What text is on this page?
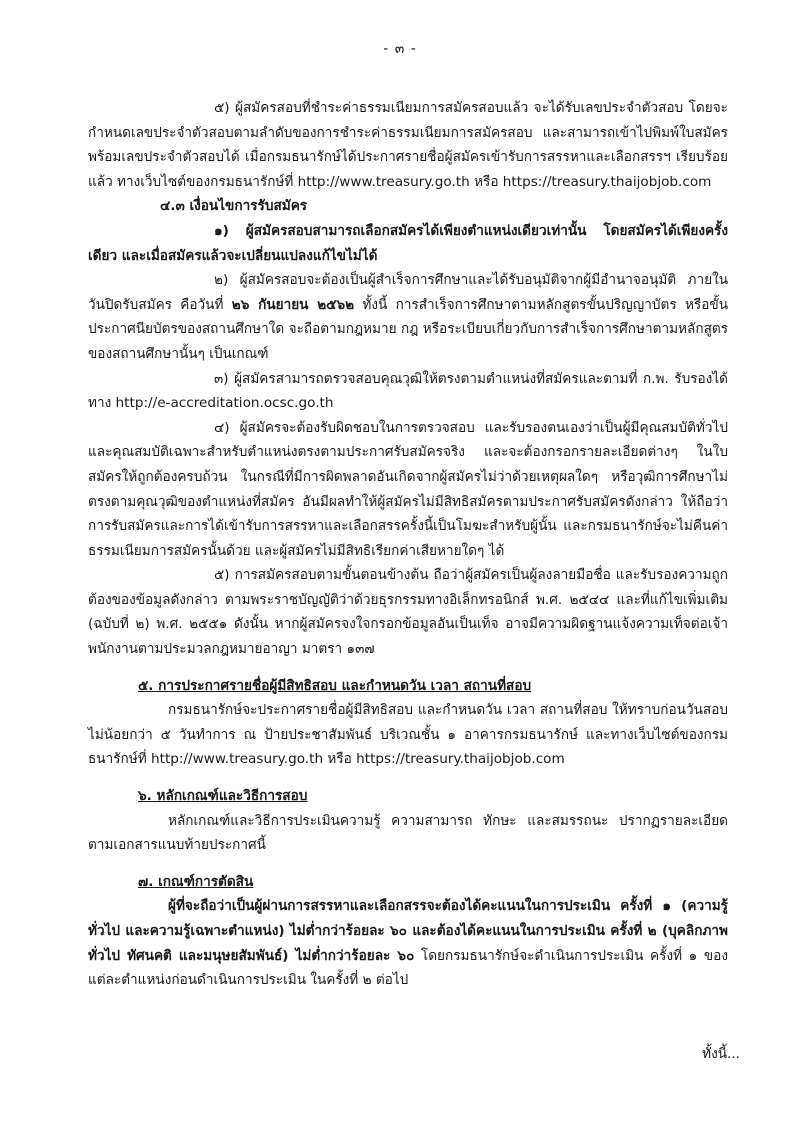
- ๓ -

๕) ผู้สมัครสอบที่ชำระค่าธรรมเนียมการสมัครสอบแล้ว จะได้รับเลขประจำตัวสอบ โดยจะกำหนดเลขประจำตัวสอบตามลำดับของการชำระค่าธรรมเนียมการสมัครสอบ และสามารถเข้าไปพิมพ์ใบสมัครพร้อมเลขประจำตัวสอบได้ เมื่อกรมธนารักษ์ได้ประกาศรายชื่อผู้สมัครเข้ารับการสรรหาและเลือกสรรฯ เรียบร้อยแล้ว ทางเว็บไซต์ของกรมธนารักษ์ที่ http://www.treasury.go.th หรือ https://treasury.thaijobjob.com

๔.๓ เงื่อนไขการรับสมัคร

๑) ผู้สมัครสอบสามารถเลือกสมัครได้เพียงตำแหน่งเดียวเท่านั้น โดยสมัครได้เพียงครั้งเดียว และเมื่อสมัครแล้วจะเปลี่ยนแปลงแก้ไขไม่ได้

๒) ผู้สมัครสอบจะต้องเป็นผู้สำเร็จการศึกษาและได้รับอนุมัติจากผู้มีอำนาจอนุมัติ ภายในวันปิดรับสมัคร คือวันที่ ๒๖ กันยายน ๒๕๖๒ ทั้งนี้ การสำเร็จการศึกษาตามหลักสูตรขั้นปริญญาบัตร หรือขั้นประกาศนียบัตรของสถานศึกษาใด จะถือตามกฎหมาย กฎ หรือระเบียบเกี่ยวกับการสำเร็จการศึกษาตามหลักสูตรของสถานศึกษานั้นๆ เป็นเกณฑ์

๓) ผู้สมัครสามารถตรวจสอบคุณวุฒิให้ตรงตามตำแหน่งที่สมัครและตามที่ ก.พ. รับรองได้ทาง http://e-accreditation.ocsc.go.th

๔) ผู้สมัครจะต้องรับผิดชอบในการตรวจสอบ และรับรองตนเองว่าเป็นผู้มีคุณสมบัติทั่วไปและคุณสมบัติเฉพาะสำหรับตำแหน่งตรงตามประกาศรับสมัครจริง และจะต้องกรอกรายละเอียดต่างๆ ในใบสมัครให้ถูกต้องครบถ้วน ในกรณีที่มีการผิดพลาดอันเกิดจากผู้สมัครไม่ว่าด้วยเหตุผลใดๆ หรือวุฒิการศึกษาไม่ตรงตามคุณวุฒิของตำแหน่งที่สมัคร อันมีผลทำให้ผู้สมัครไม่มีสิทธิสมัครตามประกาศรับสมัครดังกล่าว ให้ถือว่าการรับสมัครและการได้เข้ารับการสรรหาและเลือกสรรครั้งนี้เป็นโมฆะสำหรับผู้นั้น และกรมธนารักษ์จะไม่คืนค่าธรรมเนียมการสมัครนั้นด้วย และผู้สมัครไม่มีสิทธิเรียกค่าเสียหายใดๆ ได้

๕) การสมัครสอบตามขั้นตอนข้างต้น ถือว่าผู้สมัครเป็นผู้ลงลายมือชื่อ และรับรองความถูกต้องของข้อมูลดังกล่าว ตามพระราชบัญญัติว่าด้วยธุรกรรมทางอิเล็กทรอนิกส์ พ.ศ. ๒๕๔๔ และที่แก้ไขเพิ่มเติม (ฉบับที่ ๒) พ.ศ. ๒๕๕๑ ดังนั้น หากผู้สมัครจงใจกรอกข้อมูลอันเป็นเท็จ อาจมีความผิดฐานแจ้งความเท็จต่อเจ้าพนักงานตามประมวลกฎหมายอาญา มาตรา ๑๓๗

๕. การประกาศรายชื่อผู้มีสิทธิสอบ และกำหนดวัน เวลา สถานที่สอบ

กรมธนารักษ์จะประกาศรายชื่อผู้มีสิทธิสอบ และกำหนดวัน เวลา สถานที่สอบ ให้ทราบก่อนวันสอบไม่น้อยกว่า ๕ วันทำการ ณ ป้ายประชาสัมพันธ์ บริเวณชั้น ๑ อาคารกรมธนารักษ์ และทางเว็บไซต์ของกรมธนารักษ์ที่ http://www.treasury.go.th หรือ https://treasury.thaijobjob.com

๖. หลักเกณฑ์และวิธีการสอบ

หลักเกณฑ์และวิธีการประเมินความรู้ ความสามารถ ทักษะ และสมรรถนะ ปรากฏรายละเอียดตามเอกสารแนบท้ายประกาศนี้

๗. เกณฑ์การตัดสิน

ผู้ที่จะถือว่าเป็นผู้ผ่านการสรรหาและเลือกสรรจะต้องได้คะแนนในการประเมิน ครั้งที่ ๑ (ความรู้ทั่วไป และความรู้เฉพาะตำแหน่ง) ไม่ต่ำกว่าร้อยละ ๖๐ และต้องได้คะแนนในการประเมิน ครั้งที่ ๒ (บุคลิกภาพทั่วไป ทัศนคติ และมนุษยสัมพันธ์) ไม่ต่ำกว่าร้อยละ ๖๐ โดยกรมธนารักษ์จะดำเนินการประเมิน ครั้งที่ ๑ ของแต่ละตำแหน่งก่อนดำเนินการประเมิน ในครั้งที่ ๒ ต่อไป

ทั้งนี้...
